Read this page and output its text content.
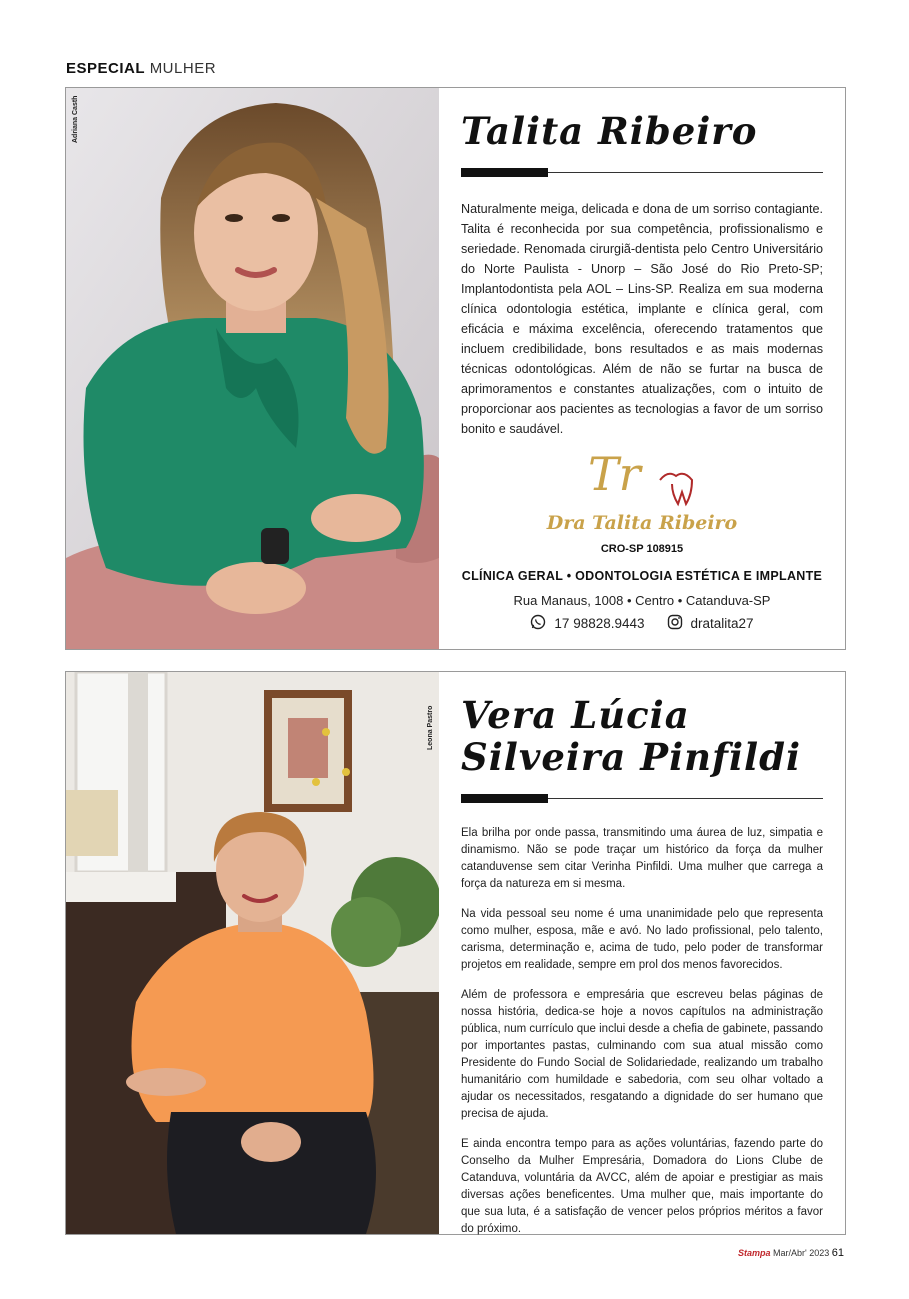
ESPECIAL MULHER
Adriana Casth	Talita Ribeiro
Naturalmente meiga, delicada e dona de um sorriso contagiante. Talita é reconhecida por sua competência, profissionalismo e seriedade. Renomada cirurgiã-dentista pelo Centro Universitário do Norte Paulista - Unorp – São José do Rio Preto-SP; Implantodontista pela AOL – Lins-SP. Realiza em sua moderna clínica odontologia estética, implante e clínica geral, com eficácia e máxima excelência, oferecendo tratamentos que incluem credibilidade, bons resultados e as mais modernas técnicas odontológicas. Além de não se furtar na busca de aprimoramentos e constantes atualizações, com o intuito de proporcionar aos pacientes as tecnologias a favor de um sorriso bonito e saudável.
Tr
Dra Talita Ribeiro
CRO-SP 108915
CLÍNICA GERAL • ODONTOLOGIA ESTÉTICA E IMPLANTE
Rua Manaus, 1008 • Centro • Catanduva-SP
17 98828.9443	dratalita27
Leona Pastro Vera Lúcia
Silveira Pinfildi

Ela brilha por onde passa, transmitindo uma áurea de luz, simpatia e dinamismo. Não se pode traçar um histórico da força da mulher catanduvense sem citar Verinha Pinfildi. Uma mulher que carrega a força da natureza em si mesma.

Na vida pessoal seu nome é uma unanimidade pelo que representa como mulher, esposa, mãe e avó. No lado profissional, pelo talento, carisma, determinação e, acima de tudo, pelo poder de transformar projetos em realidade, sempre em prol dos menos favorecidos.

Além de professora e empresária que escreveu belas páginas de nossa história, dedica-se hoje a novos capítulos na administração pública, num currículo que inclui desde a chefia de gabinete, passando por importantes pastas, culminando com sua atual missão como Presidente do Fundo Social de Solidariedade, realizando um trabalho humanitário com humildade e sabedoria, com seu olhar voltado a ajudar os necessitados, resgatando a dignidade do ser humano que precisa de ajuda.

E ainda encontra tempo para as ações voluntárias, fazendo parte do Conselho da Mulher Empresária, Domadora do Lions Clube de Catanduva, voluntária da AVCC, além de apoiar e prestigiar as mais diversas ações beneficentes. Uma mulher que, mais importante do que sua luta, é a satisfação de vencer pelos próprios méritos a favor do próximo.

Stampa Mar/Abr' 2023 61
